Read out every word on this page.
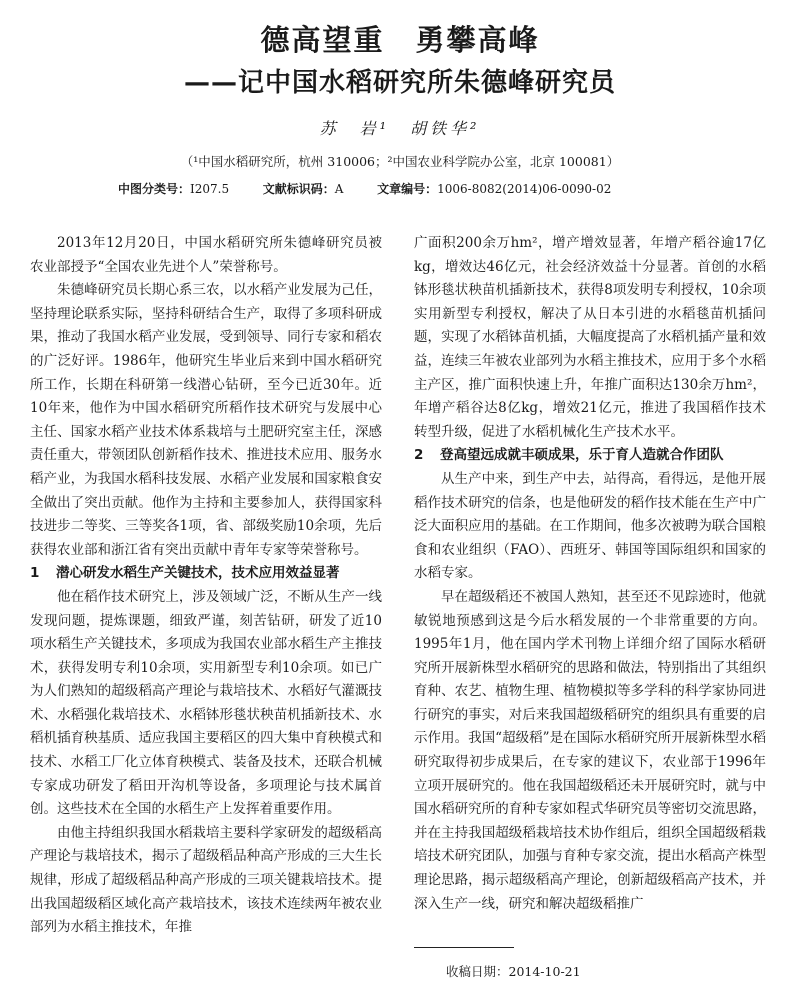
德高望重　勇攀高峰
——记中国水稻研究所朱德峰研究员
苏　岩¹　胡铁华²
（¹中国水稻研究所，杭州 310006；²中国农业科学院办公室，北京 100081）
中图分类号：I207.5	文献标识码：A	文章编号：1006-8082(2014)06-0090-02

2013年12月20日，中国水稻研究所朱德峰研究员被农业部授予“全国农业先进个人”荣誉称号。

朱德峰研究员长期心系三农，以水稻产业发展为己任，坚持理论联系实际，坚持科研结合生产，取得了多项科研成果，推动了我国水稻产业发展，受到领导、同行专家和稻农的广泛好评。1986年，他研究生毕业后来到中国水稻研究所工作，长期在科研第一线潜心钻研，至今已近30年。近10年来，他作为中国水稻研究所稻作技术研究与发展中心主任、国家水稻产业技术体系栽培与土肥研究室主任，深感责任重大，带领团队创新稻作技术、推进技术应用、服务水稻产业，为我国水稻科技发展、水稻产业发展和国家粮食安全做出了突出贡献。他作为主持和主要参加人，获得国家科技进步二等奖、三等奖各1项，省、部级奖励10余项，先后获得农业部和浙江省有突出贡献中青年专家等荣誉称号。

1 潜心研发水稻生产关键技术，技术应用效益显著

他在稻作技术研究上，涉及领域广泛，不断从生产一线发现问题，提炼课题，细致严谨，刻苦钻研，研发了近10项水稻生产关键技术，多项成为我国农业部水稻生产主推技术，获得发明专利10余项，实用新型专利10余项。如已广为人们熟知的超级稻高产理论与栽培技术、水稻好气灌溉技术、水稻强化栽培技术、水稻钵形毯状秧苗机插新技术、水稻机插育秧基质、适应我国主要稻区的四大集中育秧模式和技术、水稻工厂化立体育秧模式、装备及技术，还联合机械专家成功研发了稻田开沟机等设备，多项理论与技术属首创。这些技术在全国的水稻生产上发挥着重要作用。

由他主持组织我国水稻栽培主要科学家研发的超级稻高产理论与栽培技术，揭示了超级稻品种高产形成的三大生长规律，形成了超级稻品种高产形成的三项关键栽培技术。提出我国超级稻区域化高产栽培技术，该技术连续两年被农业部列为水稻主推技术，年推

广面积200余万hm²，增产增效显著，年增产稻谷逾17亿kg，增效达46亿元，社会经济效益十分显著。首创的水稻钵形毯状秧苗机插新技术，获得8项发明专利授权，10余项实用新型专利授权，解决了从日本引进的水稻毯苗机插问题，实现了水稻钵苗机插，大幅度提高了水稻机插产量和效益，连续三年被农业部列为水稻主推技术，应用于多个水稻主产区，推广面积快速上升，年推广面积达130余万hm²，年增产稻谷达8亿kg，增效21亿元，推进了我国稻作技术转型升级，促进了水稻机械化生产技术水平。

2 登高望远成就丰硕成果，乐于育人造就合作团队

从生产中来，到生产中去，站得高，看得远，是他开展稻作技术研究的信条，也是他研发的稻作技术能在生产中广泛大面积应用的基础。在工作期间，他多次被聘为联合国粮食和农业组织（FAO）、西班牙、韩国等国际组织和国家的水稻专家。

早在超级稻还不被国人熟知，甚至还不见踪迹时，他就敏锐地预感到这是今后水稻发展的一个非常重要的方向。1995年1月，他在国内学术刊物上详细介绍了国际水稻研究所开展新株型水稻研究的思路和做法，特别指出了其组织育种、农艺、植物生理、植物模拟等多学科的科学家协同进行研究的事实，对后来我国超级稻研究的组织具有重要的启示作用。我国“超级稻”是在国际水稻研究所开展新株型水稻研究取得初步成果后，在专家的建议下，农业部于1996年立项开展研究的。他在我国超级稻还未开展研究时，就与中国水稻研究所的育种专家如程式华研究员等密切交流思路，并在主持我国超级稻栽培技术协作组后，组织全国超级稻栽培技术研究团队，加强与育种专家交流，提出水稻高产株型理论思路，揭示超级稻高产理论，创新超级稻高产技术，并深入生产一线，研究和解决超级稻推广

收稿日期：2014-10-21
